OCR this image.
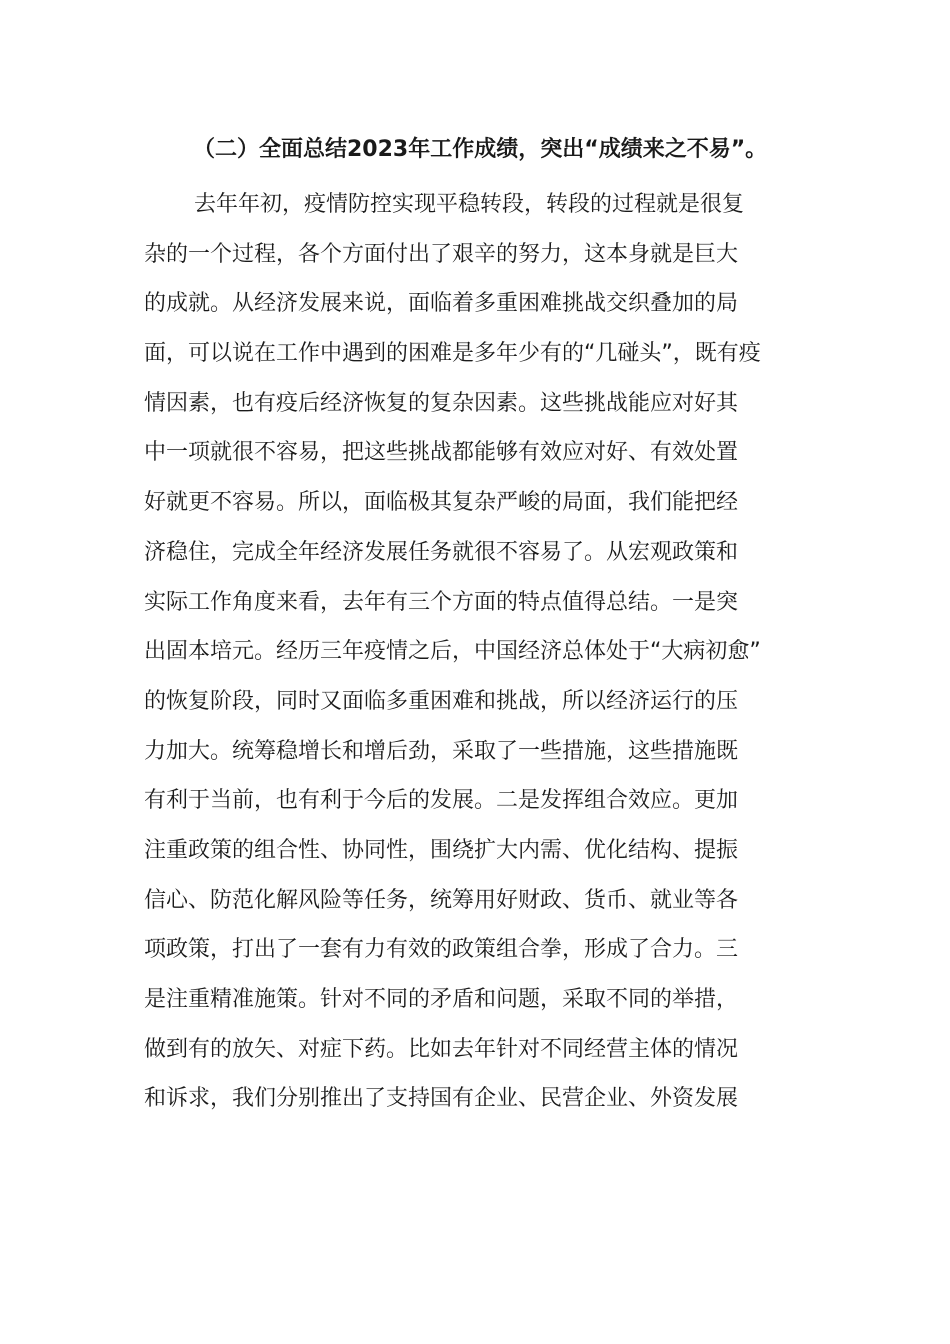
（二）全面总结2023年工作成绩，突出“成绩来之不易”。

去年年初，疫情防控实现平稳转段，转段的过程就是很复
杂的一个过程，各个方面付出了艰辛的努力，这本身就是巨大
的成就。从经济发展来说，面临着多重困难挑战交织叠加的局
面，可以说在工作中遇到的困难是多年少有的“几碰头”，既有疫
情因素，也有疫后经济恢复的复杂因素。这些挑战能应对好其
中一项就很不容易，把这些挑战都能够有效应对好、有效处置
好就更不容易。所以，面临极其复杂严峻的局面，我们能把经
济稳住，完成全年经济发展任务就很不容易了。从宏观政策和
实际工作角度来看，去年有三个方面的特点值得总结。一是突
出固本培元。经历三年疫情之后，中国经济总体处于“大病初愈”
的恢复阶段，同时又面临多重困难和挑战，所以经济运行的压
力加大。统筹稳增长和增后劲，采取了一些措施，这些措施既
有利于当前，也有利于今后的发展。二是发挥组合效应。更加
注重政策的组合性、协同性，围绕扩大内需、优化结构、提振
信心、防范化解风险等任务，统筹用好财政、货币、就业等各
项政策，打出了一套有力有效的政策组合拳，形成了合力。三
是注重精准施策。针对不同的矛盾和问题，采取不同的举措，
做到有的放矢、对症下药。比如去年针对不同经营主体的情况
和诉求，我们分别推出了支持国有企业、民营企业、外资发展
